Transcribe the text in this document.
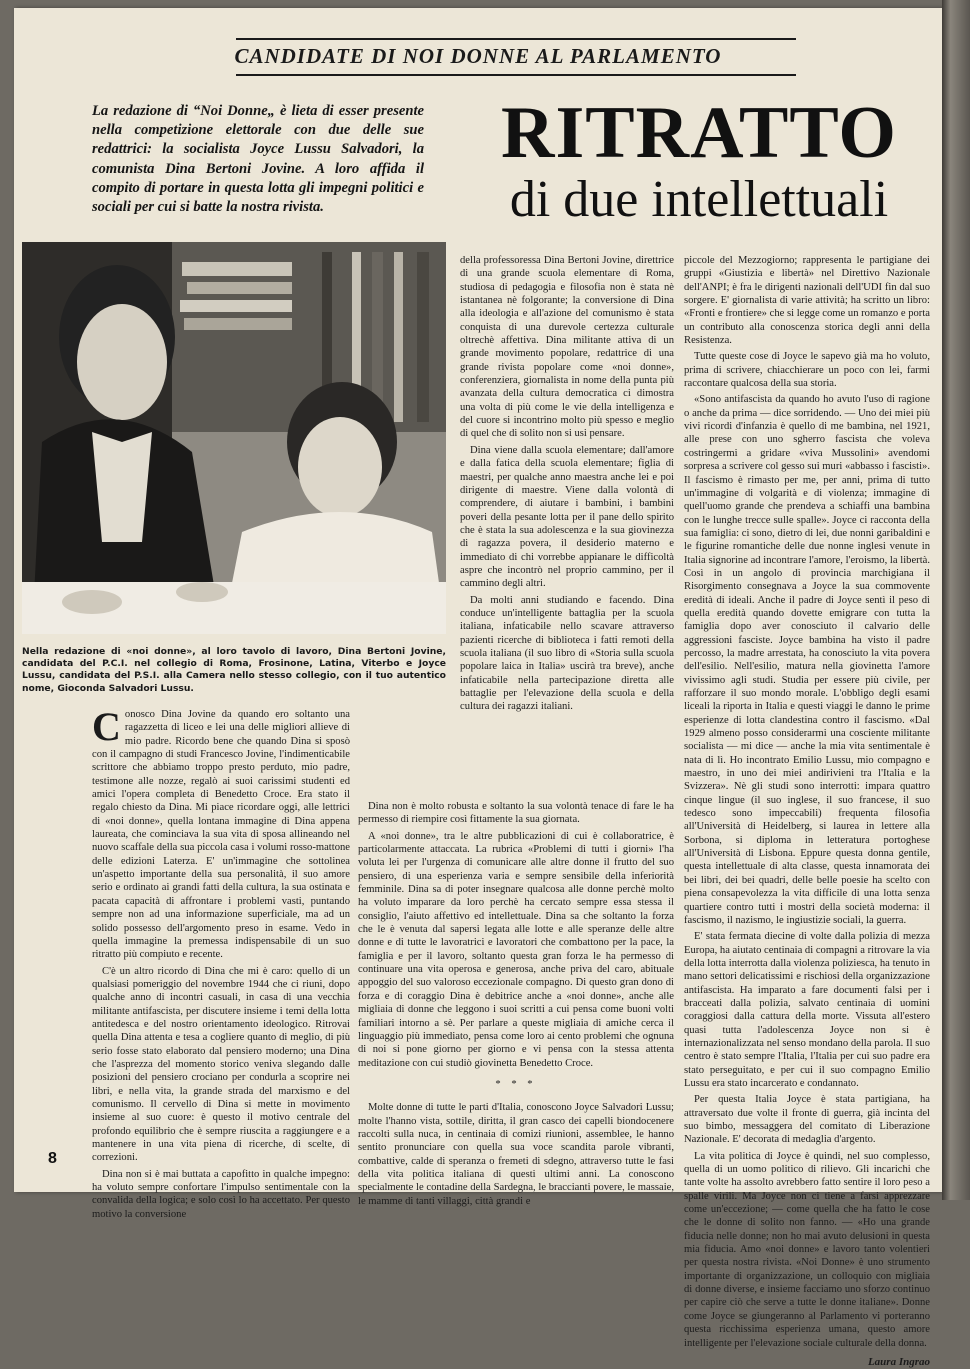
CANDIDATE DI NOI DONNE AL PARLAMENTO
La redazione di “Noi Donne„ è lieta di esser presente nella competizione elettorale con due delle sue redattrici: la socialista Joyce Lussu Salvadori, la comunista Dina Bertoni Jovine. A loro affida il compito di portare in questa lotta gli impegni politici e sociali per cui si batte la nostra rivista.
RITRATTO
di due intellettuali
Nella redazione di «noi donne», al loro tavolo di lavoro, Dina Bertoni Jovine, candidata del P.C.I. nel collegio di Roma, Frosinone, Latina, Viterbo e Joyce Lussu, candidata del P.S.I. alla Camera nello stesso collegio, con il tuo autentico nome, Gioconda Salvadori Lussu.

Conosco Dina Jovine da quando ero soltanto una ragazzetta di liceo e lei una delle migliori allieve di mio padre. Ricordo bene che quando Dina si sposò con il campagno di studi Francesco Jovine, l'indimenticabile scrittore che abbiamo troppo presto perduto, mio padre, testimone alle nozze, regalò ai suoi carissimi studenti ed amici l'opera completa di Benedetto Croce. Era stato il regalo chiesto da Dina. Mi piace ricordare oggi, alle lettrici di «noi donne», quella lontana immagine di Dina appena laureata, che cominciava la sua vita di sposa allineando nel nuovo scaffale della sua piccola casa i volumi rosso-mattone delle edizioni Laterza. E' un'immagine che sottolinea un'aspetto importante della sua personalità, il suo amore serio e ordinato ai grandi fatti della cultura, la sua ostinata e pacata capacità di affrontare i problemi vasti, puntando sempre non ad una informazione superficiale, ma ad un solido possesso dell'argomento preso in esame. Vedo in quella immagine la premessa indispensabile di un suo ritratto più compiuto e recente.

C'è un altro ricordo di Dina che mi è caro: quello di un qualsiasi pomeriggio del novembre 1944 che ci riuni, dopo qualche anno di incontri casuali, in casa di una vecchia militante antifascista, per discutere insieme i temi della lotta antitedesca e del nostro orientamento ideologico. Ritrovai quella Dina attenta e tesa a cogliere quanto di meglio, di più serio fosse stato elaborato dal pensiero moderno; una Dina che l'asprezza del momento storico veniva slegando dalle posizioni del pensiero crociano per condurla a scoprire nei libri, e nella vita, la grande strada del marxismo e del comunismo. Il cervello di Dina si mette in movimento insieme al suo cuore: è questo il motivo centrale del profondo equilibrio che è sempre riuscita a raggiungere e a mantenere in una vita piena di ricerche, di scelte, di correzioni.

Dina non si è mai buttata a capofitto in qualche impegno: ha voluto sempre confortare l'impulso sentimentale con la convalida della logica; e solo così lo ha accettato. Per questo motivo la conversione

della professoressa Dina Bertoni Jovine, direttrice di una grande scuola elementare di Roma, studiosa di pedagogia e filosofia non è stata nè istantanea nè folgorante; la conversione di Dina alla ideologia e all'azione del comunismo è stata conquista di una durevole certezza culturale oltrechè affettiva. Dina militante attiva di un grande movimento popolare, redattrice di una grande rivista popolare come «noi donne», conferenziera, giornalista in nome della punta più avanzata della cultura democratica ci dimostra una volta di più come le vie della intelligenza e del cuore si incontrino molto più spesso e meglio di quel che di solito non si usi pensare.

Dina viene dalla scuola elementare; dall'amore e dalla fatica della scuola elementare; figlia di maestri, per qualche anno maestra anche lei e poi dirigente di maestre. Viene dalla volontà di comprendere, di aiutare i bambini, i bambini poveri della pesante lotta per il pane dello spirito che è stata la sua adolescenza e la sua giovinezza di ragazza povera, il desiderio materno e immediato di chi vorrebbe appianare le difficoltà aspre che incontrò nel proprio cammino, per il cammino degli altri.

Da molti anni studiando e facendo. Dina conduce un'intelligente battaglia per la scuola italiana, infaticabile nello scavare attraverso pazienti ricerche di biblioteca i fatti remoti della scuola italiana (il suo libro di «Storia sulla scuola popolare laica in Italia» uscirà tra breve), anche infaticabile nella partecipazione diretta alle battaglie per l'elevazione della scuola e della cultura dei ragazzi italiani.

Dina non è molto robusta e soltanto la sua volontà tenace di fare le ha permesso di riempire così fittamente la sua giornata.

A «noi donne», tra le altre pubblicazioni di cui è collaboratrice, è particolarmente attaccata. La rubrica «Problemi di tutti i giorni» l'ha voluta lei per l'urgenza di comunicare alle altre donne il frutto del suo pensiero, di una esperienza varia e sempre sensibile della inferiorità femminile. Dina sa di poter insegnare qualcosa alle donne perchè molto ha voluto imparare da loro perchè ha cercato sempre essa stessa il consiglio, l'aiuto affettivo ed intellettuale. Dina sa che soltanto la forza che le è venuta dal sapersi legata alle lotte e alle speranze delle altre donne e di tutte le lavoratrici e lavoratori che combattono per la pace, la famiglia e per il lavoro, soltanto questa gran forza le ha permesso di continuare una vita operosa e generosa, anche priva del caro, abituale appoggio del suo valoroso eccezionale compagno. Di questo gran dono di forza e di coraggio Dina è debitrice anche a «noi donne», anche alle migliaia di donne che leggono i suoi scritti a cui pensa come buoni volti familiari intorno a sè. Per parlare a queste migliaia di amiche cerca il linguaggio più immediato, pensa come loro ai cento problemi che ognuna di noi si pone giorno per giorno e vi pensa con la stessa attenta meditazione con cui studiò giovinetta Benedetto Croce.

* * *

Molte donne di tutte le parti d'Italia, conoscono Joyce Salvadori Lussu; molte l'hanno vista, sottile, diritta, il gran casco dei capelli biondocenere raccolti sulla nuca, in centinaia di comizi riunioni, assemblee, le hanno sentito pronunciare con quella sua voce scandita parole vibranti, combattive, calde di speranza o fremeti di sdegno, attraverso tutte le fasi della vita politica italiana di questi ultimi anni. La conoscono specialmente le contadine della Sardegna, le braccianti povere, le massaie, le mamme di tanti villaggi, città grandi e

piccole del Mezzogiorno; rappresenta le partigiane dei gruppi «Giustizia e libertà» nel Direttivo Nazionale dell'ANPI; è fra le dirigenti nazionali dell'UDI fin dal suo sorgere. E' giornalista di varie attività; ha scritto un libro: «Fronti e frontiere» che si legge come un romanzo e porta un contributo alla conoscenza storica degli anni della Resistenza.

Tutte queste cose di Joyce le sapevo già ma ho voluto, prima di scrivere, chiacchierare un poco con lei, farmi raccontare qualcosa della sua storia.

«Sono antifascista da quando ho avuto l'uso di ragione o anche da prima — dice sorridendo. — Uno dei miei più vivi ricordi d'infanzia è quello di me bambina, nel 1921, alle prese con uno sgherro fascista che voleva costringermi a gridare «viva Mussolini» avendomi sorpresa a scrivere col gesso sui muri «abbasso i fascisti». Il fascismo è rimasto per me, per anni, prima di tutto un'immagine di volgarità e di violenza; immagine di quell'uomo grande che prendeva a schiaffi una bambina con le lunghe trecce sulle spalle». Joyce ci racconta della sua famiglia: ci sono, dietro di lei, due nonni garibaldini e le figurine romantiche delle due nonne inglesi venute in Italia signorine ad incontrare l'amore, l'eroismo, la libertà. Così in un angolo di provincia marchigiana il Risorgimento consegnava a Joyce la sua commovente eredità di ideali. Anche il padre di Joyce sentì il peso di quella eredità quando dovette emigrare con tutta la famiglia dopo aver conosciuto il calvario delle aggressioni fasciste. Joyce bambina ha visto il padre percosso, la madre arrestata, ha conosciuto la vita povera dell'esilio. Nell'esilio, matura nella giovinetta l'amore vivissimo agli studi. Studia per essere più civile, per rafforzare il suo mondo morale. L'obbligo degli esami liceali la riporta in Italia e questi viaggi le danno le prime esperienze di lotta clandestina contro il fascismo. «Dal 1929 almeno posso considerarmi una cosciente militante socialista — mi dice — anche la mia vita sentimentale è nata di lì. Ho incontrato Emilio Lussu, mio compagno e maestro, in uno dei miei andirivieni tra l'Italia e la Svizzera». Nè gli studi sono interrotti: impara quattro cinque lingue (il suo inglese, il suo francese, il suo tedesco sono impeccabili) frequenta filosofia all'Università di Heidelberg, si laurea in lettere alla Sorbona, si diploma in letteratura portoghese all'Università di Lisbona. Eppure questa donna gentile, questa intellettuale di alta classe, questa innamorata dei bei libri, dei bei quadri, delle belle poesie ha scelto con piena consapevolezza la vita difficile di una lotta senza quartiere contro tutti i mostri della società moderna: il fascismo, il nazismo, le ingiustizie sociali, la guerra.

E' stata fermata diecine di volte dalla polizia di mezza Europa, ha aiutato centinaia di compagni a ritrovare la via della lotta interrotta dalla violenza poliziesca, ha tenuto in mano settori delicatissimi e rischiosi della organizzazione antifascista. Ha imparato a fare documenti falsi per i bracceati dalla polizia, salvato centinaia di uomini coraggiosi dalla cattura della morte. Vissuta all'estero quasi tutta l'adolescenza Joyce non si è internazionalizzata nel senso mondano della parola. Il suo centro è stato sempre l'Italia, l'Italia per cui suo padre era stato perseguitato, e per cui il suo compagno Emilio Lussu era stato incarcerato e condannato.

Per questa Italia Joyce è stata partigiana, ha attraversato due volte il fronte di guerra, già incinta del suo bimbo, messaggera del comitato di Liberazione Nazionale. E' decorata di medaglia d'argento.

La vita politica di Joyce è quindi, nel suo complesso, quella di un uomo politico di rilievo. Gli incarichi che tante volte ha assolto avrebbero fatto sentire il loro peso a spalle virili. Ma Joyce non ci tiene a farsi apprezzare come un'eccezione; — come quella che ha fatto le cose che le donne di solito non fanno. — «Ho una grande fiducia nelle donne; non ho mai avuto delusioni in questa mia fiducia. Amo «noi donne» e lavoro tanto volentieri per questa nostra rivista. «Noi Donne» è uno strumento importante di organizzazione, un colloquio con migliaia di donne diverse, e insieme facciamo uno sforzo continuo per capire ciò che serve a tutte le donne italiane». Donne come Joyce se giungeranno al Parlamento vi porteranno questa ricchissima esperienza umana, questo amore intelligente per l'elevazione sociale culturale della donna.

Laura Ingrao
8
